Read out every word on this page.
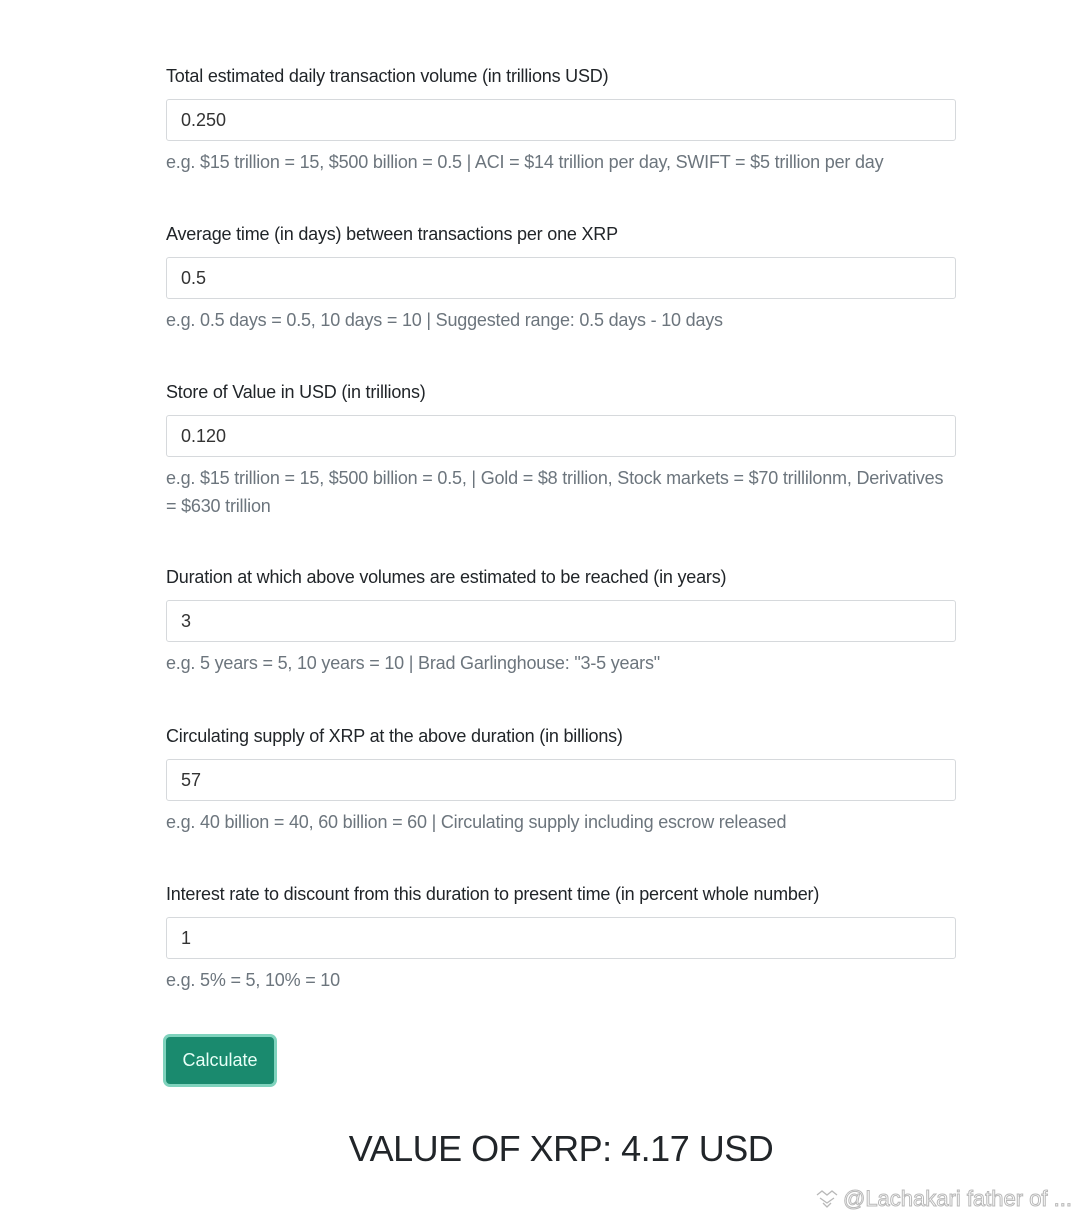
Total estimated daily transaction volume (in trillions USD)
0.250
e.g. $15 trillion = 15, $500 billion = 0.5 | ACI = $14 trillion per day, SWIFT = $5 trillion per day
Average time (in days) between transactions per one XRP
0.5
e.g. 0.5 days = 0.5, 10 days = 10 | Suggested range: 0.5 days - 10 days
Store of Value in USD (in trillions)
0.120
e.g. $15 trillion = 15, $500 billion = 0.5, | Gold = $8 trillion, Stock markets = $70 trillilonm, Derivatives = $630 trillion
Duration at which above volumes are estimated to be reached (in years)
3
e.g. 5 years = 5, 10 years = 10 | Brad Garlinghouse: "3-5 years"
Circulating supply of XRP at the above duration (in billions)
57
e.g. 40 billion = 40, 60 billion = 60 | Circulating supply including escrow released
Interest rate to discount from this duration to present time (in percent whole number)
1
e.g. 5% = 5, 10% = 10
Calculate
VALUE OF XRP: 4.17 USD
@Lachakari father of ...
